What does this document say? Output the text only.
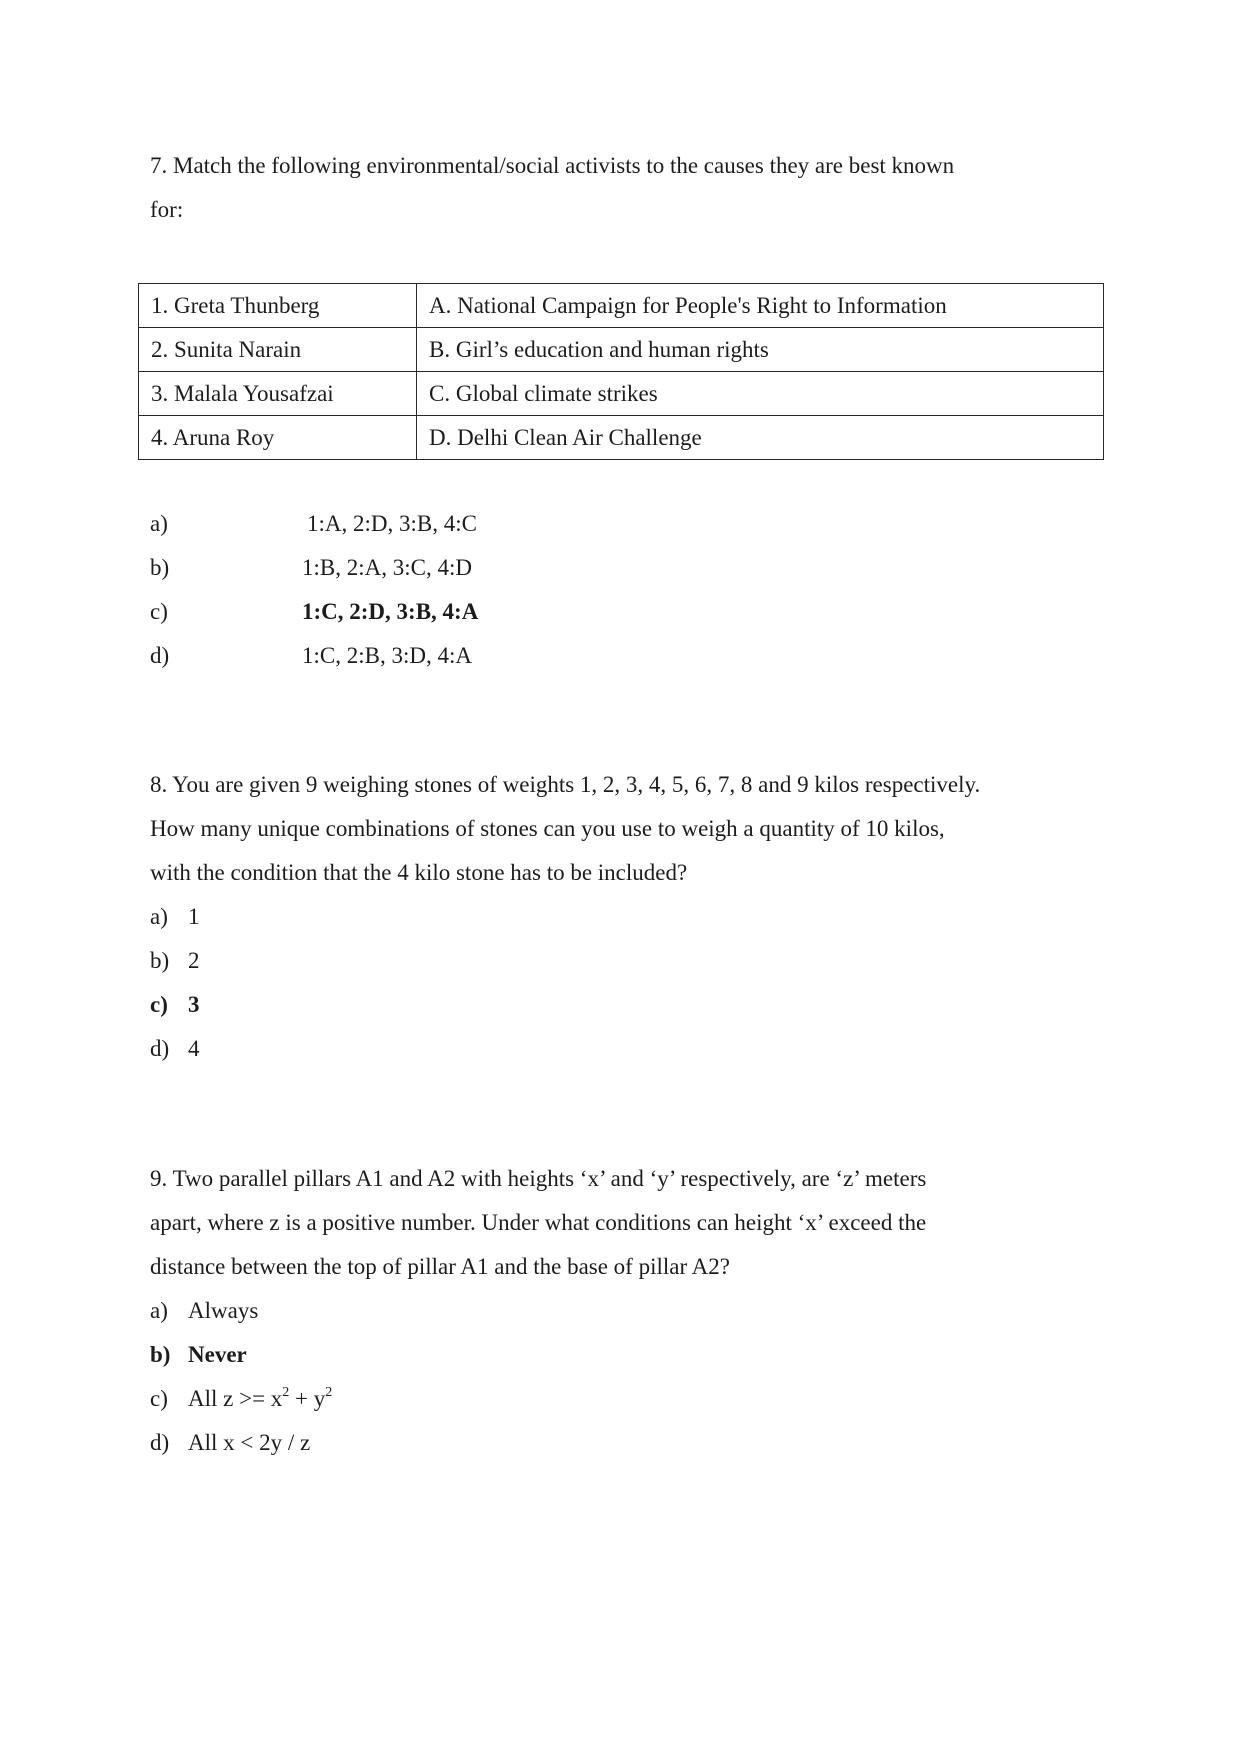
7. Match the following environmental/social activists to the causes they are best known
for:
1. Greta Thunberg	A. National Campaign for People's Right to Information
2. Sunita Narain	B. Girl’s education and human rights
3. Malala Yousafzai	C. Global climate strikes
4. Aruna Roy	D. Delhi Clean Air Challenge
a)	1:A, 2:D, 3:B, 4:C
b)	1:B, 2:A, 3:C, 4:D
c)	1:C, 2:D, 3:B, 4:A
d)	1:C, 2:B, 3:D, 4:A
8. You are given 9 weighing stones of weights 1, 2, 3, 4, 5, 6, 7, 8 and 9 kilos respectively.
How many unique combinations of stones can you use to weigh a quantity of 10 kilos,
with the condition that the 4 kilo stone has to be included?
a) 1
b) 2
c) 3
d) 4
9. Two parallel pillars A1 and A2 with heights ‘x’ and ‘y’ respectively, are ‘z’ meters
apart, where z is a positive number. Under what conditions can height ‘x’ exceed the
distance between the top of pillar A1 and the base of pillar A2?
a) Always
b) Never
c) All $z >= x^2 + y^2$
d) All x < 2y / z
